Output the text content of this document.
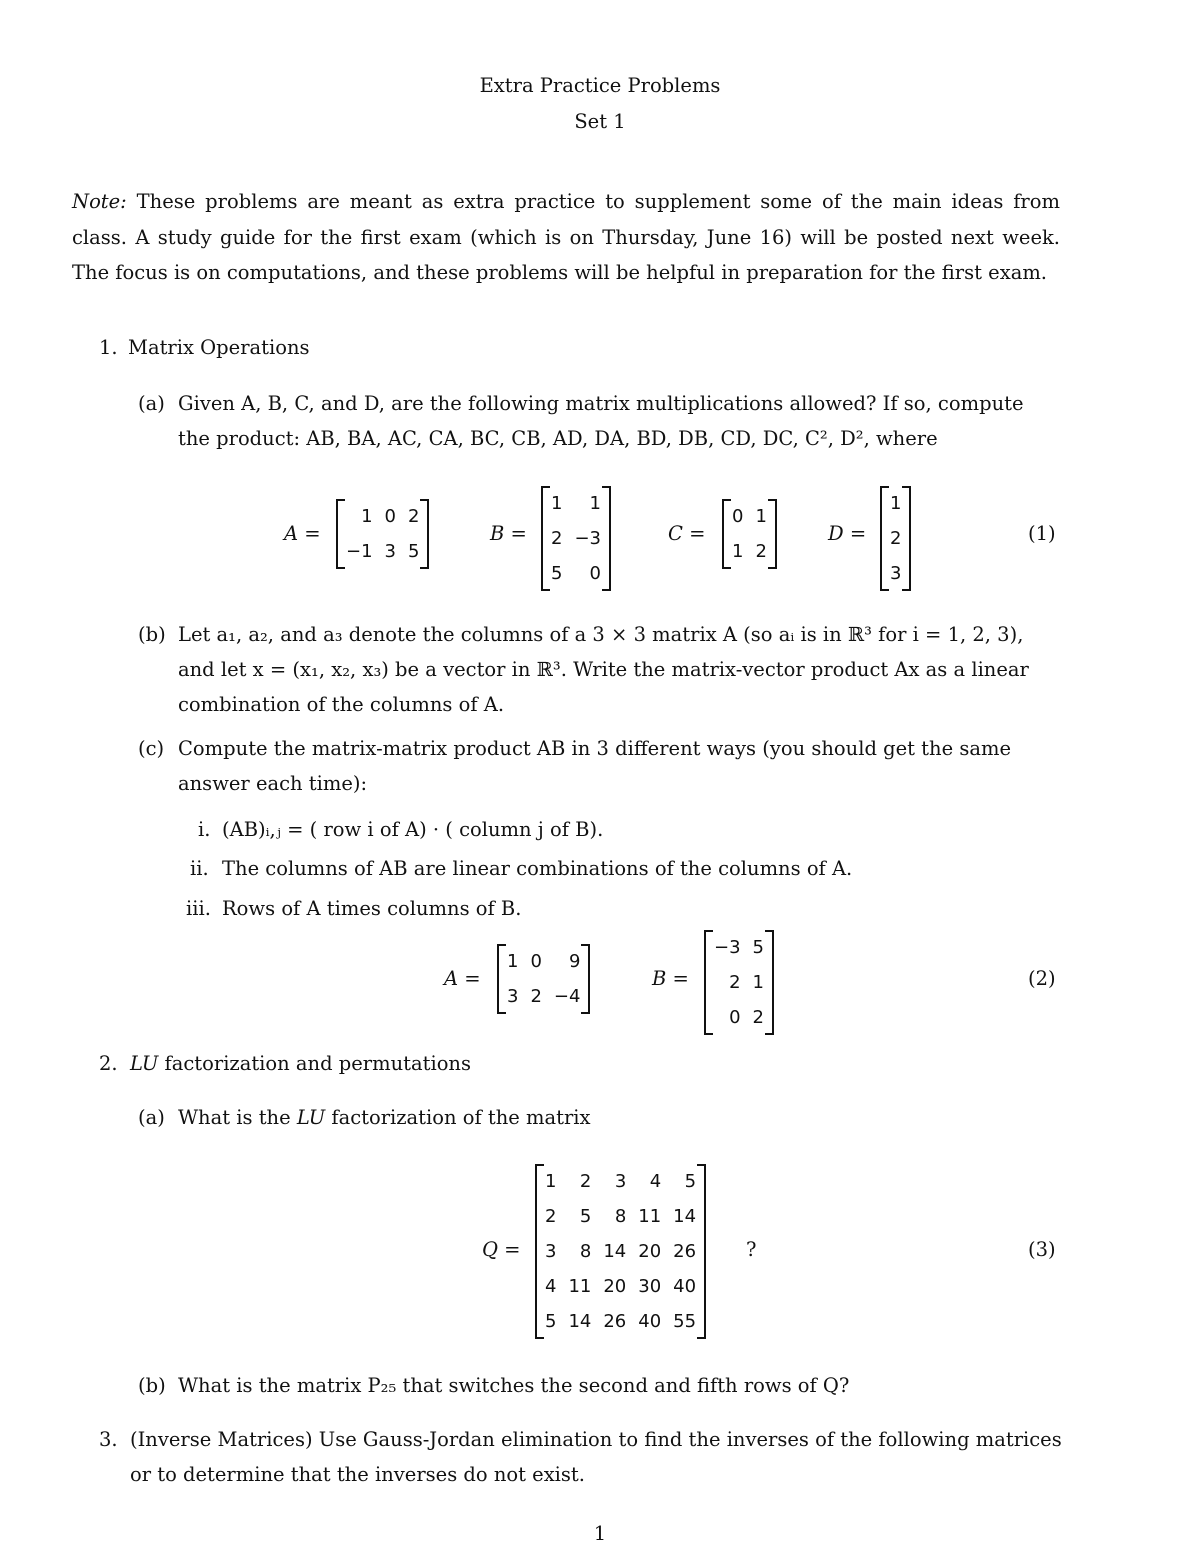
Extra Practice Problems
Set 1
Note: These problems are meant as extra practice to supplement some of the main ideas from class. A study guide for the first exam (which is on Thursday, June 16) will be posted next week. The focus is on computations, and these problems will be helpful in preparation for the first exam.
1. Matrix Operations
(a) Given A, B, C, and D, are the following matrix multiplications allowed? If so, compute
the product: AB, BA, AC, CA, BC, CB, AD, DA, BD, DB, CD, DC, C², D², where
A =
1	0	2
−1	3	5
B =
1	1
2	−3
5	0
C =
0	1
1	2
D =
1
2
3
(1)
(b) Let a₁, a₂, and a₃ denote the columns of a 3 × 3 matrix A (so aᵢ is in ℝ³ for i = 1, 2, 3),
and let x = (x₁, x₂, x₃) be a vector in ℝ³. Write the matrix-vector product Ax as a linear
combination of the columns of A.
(c) Compute the matrix-matrix product AB in 3 different ways (you should get the same
answer each time):
i. (AB)ᵢ,ⱼ = ( row i of A) · ( column j of B).
ii. The columns of AB are linear combinations of the columns of A.
iii. Rows of A times columns of B.
A =
1	0	9
3	2	−4
B =
−3	5
2	1
0	2
(2)
2. LU factorization and permutations
(a) What is the LU factorization of the matrix
Q =
1	2	3	4	5
2	5	8	11	14
3	8	14	20	26
4	11	20	30	40
5	14	26	40	55
?	(3)
(b) What is the matrix P₂₅ that switches the second and fifth rows of Q?
3. (Inverse Matrices) Use Gauss-Jordan elimination to find the inverses of the following matrices
or to determine that the inverses do not exist.
1
